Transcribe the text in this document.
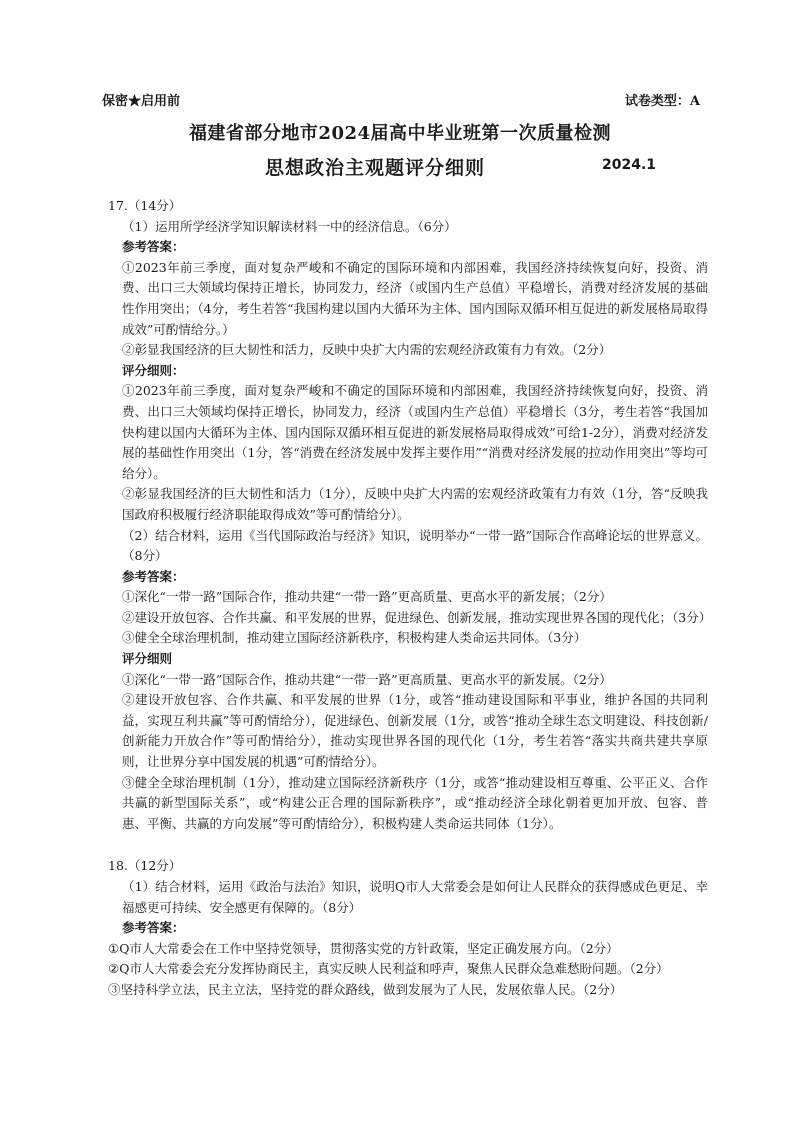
保密★启用前	试卷类型：A
福建省部分地市2024届高中毕业班第一次质量检测
思想政治主观题评分细则	2024.1

17.（14分）

（1）运用所学经济学知识解读材料一中的经济信息。（6分）

参考答案：

①2023年前三季度，面对复杂严峻和不确定的国际环境和内部困难，我国经济持续恢复向好，投资、消费、出口三大领域均保持正增长，协同发力，经济（或国内生产总值）平稳增长，消费对经济发展的基础性作用突出；（4分，考生若答“我国构建以国内大循环为主体、国内国际双循环相互促进的新发展格局取得成效”可酌情给分。）

②彰显我国经济的巨大韧性和活力，反映中央扩大内需的宏观经济政策有力有效。（2分）

评分细则：

①2023年前三季度，面对复杂严峻和不确定的国际环境和内部困难，我国经济持续恢复向好，投资、消费、出口三大领域均保持正增长，协同发力，经济（或国内生产总值）平稳增长（3分，考生若答“我国加快构建以国内大循环为主体、国内国际双循环相互促进的新发展格局取得成效”可给1-2分），消费对经济发展的基础性作用突出（1分，答“消费在经济发展中发挥主要作用”“消费对经济发展的拉动作用突出”等均可给分）。

②彰显我国经济的巨大韧性和活力（1分），反映中央扩大内需的宏观经济政策有力有效（1分，答“反映我国政府积极履行经济职能取得成效”等可酌情给分）。

（2）结合材料，运用《当代国际政治与经济》知识，说明举办“一带一路”国际合作高峰论坛的世界意义。（8分）

参考答案：

①深化“一带一路”国际合作，推动共建“一带一路”更高质量、更高水平的新发展；（2分）

②建设开放包容、合作共赢、和平发展的世界，促进绿色、创新发展，推动实现世界各国的现代化；（3分）

③健全全球治理机制，推动建立国际经济新秩序，积极构建人类命运共同体。（3分）

评分细则

①深化“一带一路”国际合作，推动共建“一带一路”更高质量、更高水平的新发展。（2分）

②建设开放包容、合作共赢、和平发展的世界（1分，或答“推动建设国际和平事业，维护各国的共同利益，实现互利共赢”等可酌情给分），促进绿色、创新发展（1分，或答“推动全球生态文明建设、科技创新/创新能力开放合作”等可酌情给分），推动实现世界各国的现代化（1分，考生若答“落实共商共建共享原则，让世界分享中国发展的机遇”可酌情给分）。

③健全全球治理机制（1分），推动建立国际经济新秩序（1分，或答“推动建设相互尊重、公平正义、合作共赢的新型国际关系”，或“构建公正合理的国际新秩序”，或“推动经济全球化朝着更加开放、包容、普惠、平衡、共赢的方向发展”等可酌情给分），积极构建人类命运共同体（1分）。

18.（12分）

（1）结合材料，运用《政治与法治》知识，说明Q市人大常委会是如何让人民群众的获得感成色更足、幸福感更可持续、安全感更有保障的。（8分）

参考答案：

①Q市人大常委会在工作中坚持党领导，贯彻落实党的方针政策，坚定正确发展方向。（2分）

②Q市人大常委会充分发挥协商民主，真实反映人民利益和呼声，聚焦人民群众急难愁盼问题。（2分）

③坚持科学立法，民主立法，坚持党的群众路线，做到发展为了人民，发展依靠人民。（2分）
